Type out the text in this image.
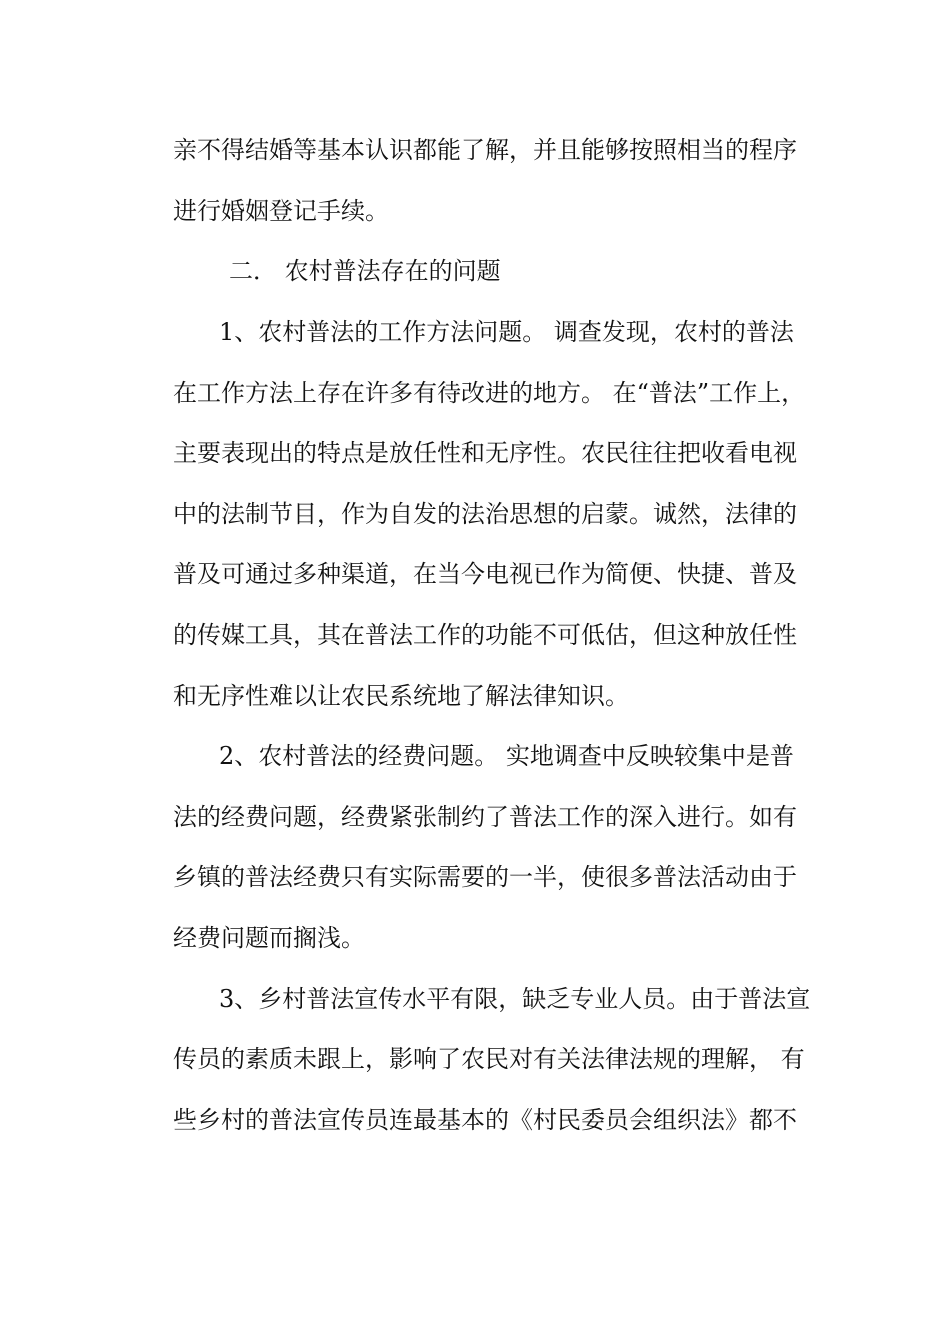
亲不得结婚等基本认识都能了解，并且能够按照相当的程序

进行婚姻登记手续。

二． 农村普法存在的问题

1、农村普法的工作方法问题。 调查发现，农村的普法

在工作方法上存在许多有待改进的地方。 在“普法”工作上，

主要表现出的特点是放任性和无序性。农民往往把收看电视

中的法制节目，作为自发的法治思想的启蒙。诚然，法律的

普及可通过多种渠道，在当今电视已作为简便、快捷、普及

的传媒工具，其在普法工作的功能不可低估，但这种放任性

和无序性难以让农民系统地了解法律知识。

2、农村普法的经费问题。 实地调查中反映较集中是普

法的经费问题，经费紧张制约了普法工作的深入进行。如有

乡镇的普法经费只有实际需要的一半，使很多普法活动由于

经费问题而搁浅。

3、乡村普法宣传水平有限，缺乏专业人员。由于普法宣

传员的素质未跟上，影响了农民对有关法律法规的理解， 有

些乡村的普法宣传员连最基本的《村民委员会组织法》都不
